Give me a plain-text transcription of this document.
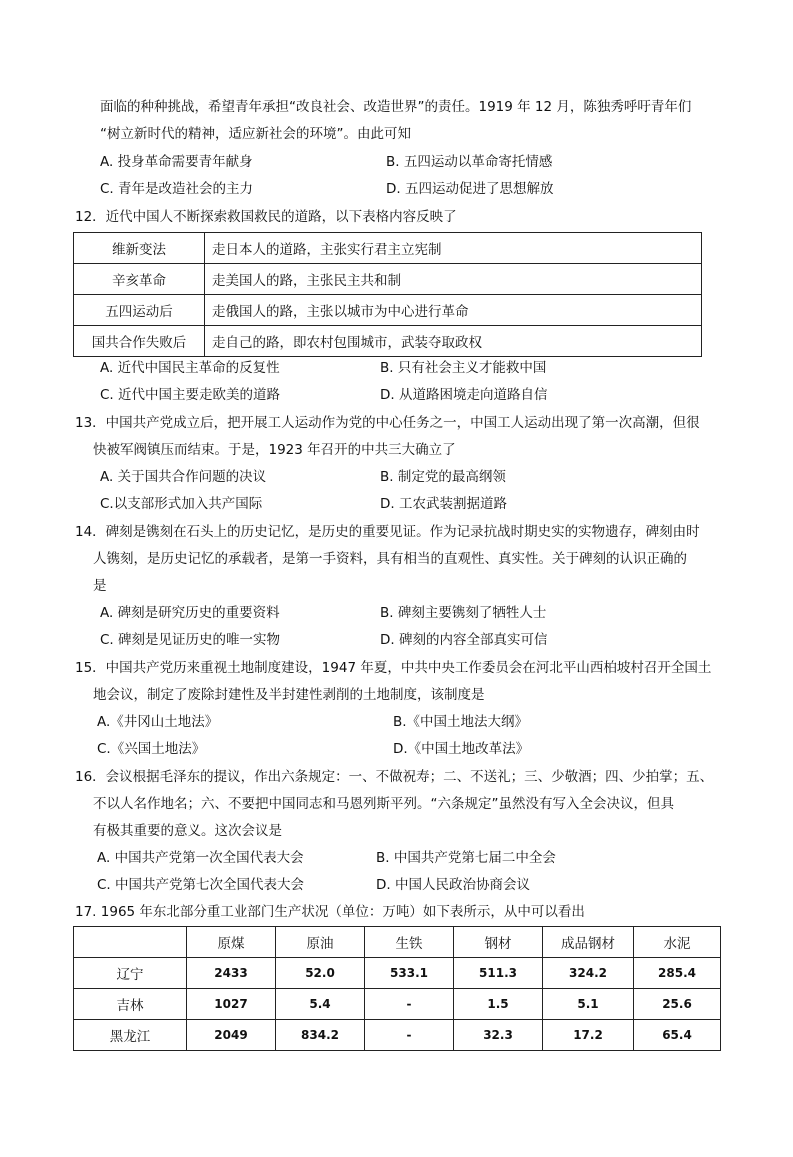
面临的种种挑战，希望青年承担“改良社会、改造世界”的责任。1919 年 12 月，陈独秀呼吁青年们
“树立新时代的精神，适应新社会的环境”。由此可知
A. 投身革命需要青年献身	B. 五四运动以革命寄托情感
C. 青年是改造社会的主力	D. 五四运动促进了思想解放
12．近代中国人不断探索救国救民的道路，以下表格内容反映了
维新变法	走日本人的道路，主张实行君主立宪制
辛亥革命	走美国人的路，主张民主共和制
五四运动后	走俄国人的路，主张以城市为中心进行革命
国共合作失败后	走自己的路，即农村包围城市，武装夺取政权
A. 近代中国民主革命的反复性	B. 只有社会主义才能救中国
C. 近代中国主要走欧美的道路	D. 从道路困境走向道路自信
13．中国共产党成立后，把开展工人运动作为党的中心任务之一，中国工人运动出现了第一次高潮，但很
快被军阀镇压而结束。于是，1923 年召开的中共三大确立了
A. 关于国共合作问题的决议	B. 制定党的最高纲领
C.以支部形式加入共产国际	D. 工农武装割据道路
14．碑刻是镌刻在石头上的历史记忆，是历史的重要见证。作为记录抗战时期史实的实物遗存，碑刻由时
人镌刻，是历史记忆的承载者，是第一手资料，具有相当的直观性、真实性。关于碑刻的认识正确的
是
A. 碑刻是研究历史的重要资料	B. 碑刻主要镌刻了牺牲人士
C. 碑刻是见证历史的唯一实物	D. 碑刻的内容全部真实可信
15．中国共产党历来重视土地制度建设，1947 年夏，中共中央工作委员会在河北平山西柏坡村召开全国土
地会议，制定了废除封建性及半封建性剥削的土地制度，该制度是
A.《井冈山土地法》	B.《中国土地法大纲》
C.《兴国土地法》	D.《中国土地改革法》
16．会议根据毛泽东的提议，作出六条规定：一、不做祝寿；二、不送礼；三、少敬酒；四、少拍掌；五、
不以人名作地名；六、不要把中国同志和马恩列斯平列。“六条规定”虽然没有写入全会决议，但具
有极其重要的意义。这次会议是
A. 中国共产党第一次全国代表大会	B. 中国共产党第七届二中全会
C. 中国共产党第七次全国代表大会	D. 中国人民政治协商会议
17. 1965 年东北部分重工业部门生产状况（单位：万吨）如下表所示，从中可以看出
	原煤	原油	生铁	钢材	成品钢材	水泥
辽宁	2433	52.0	533.1	511.3	324.2	285.4
吉林	1027	5.4	-	1.5	5.1	25.6
黑龙江	2049	834.2	-	32.3	17.2	65.4
